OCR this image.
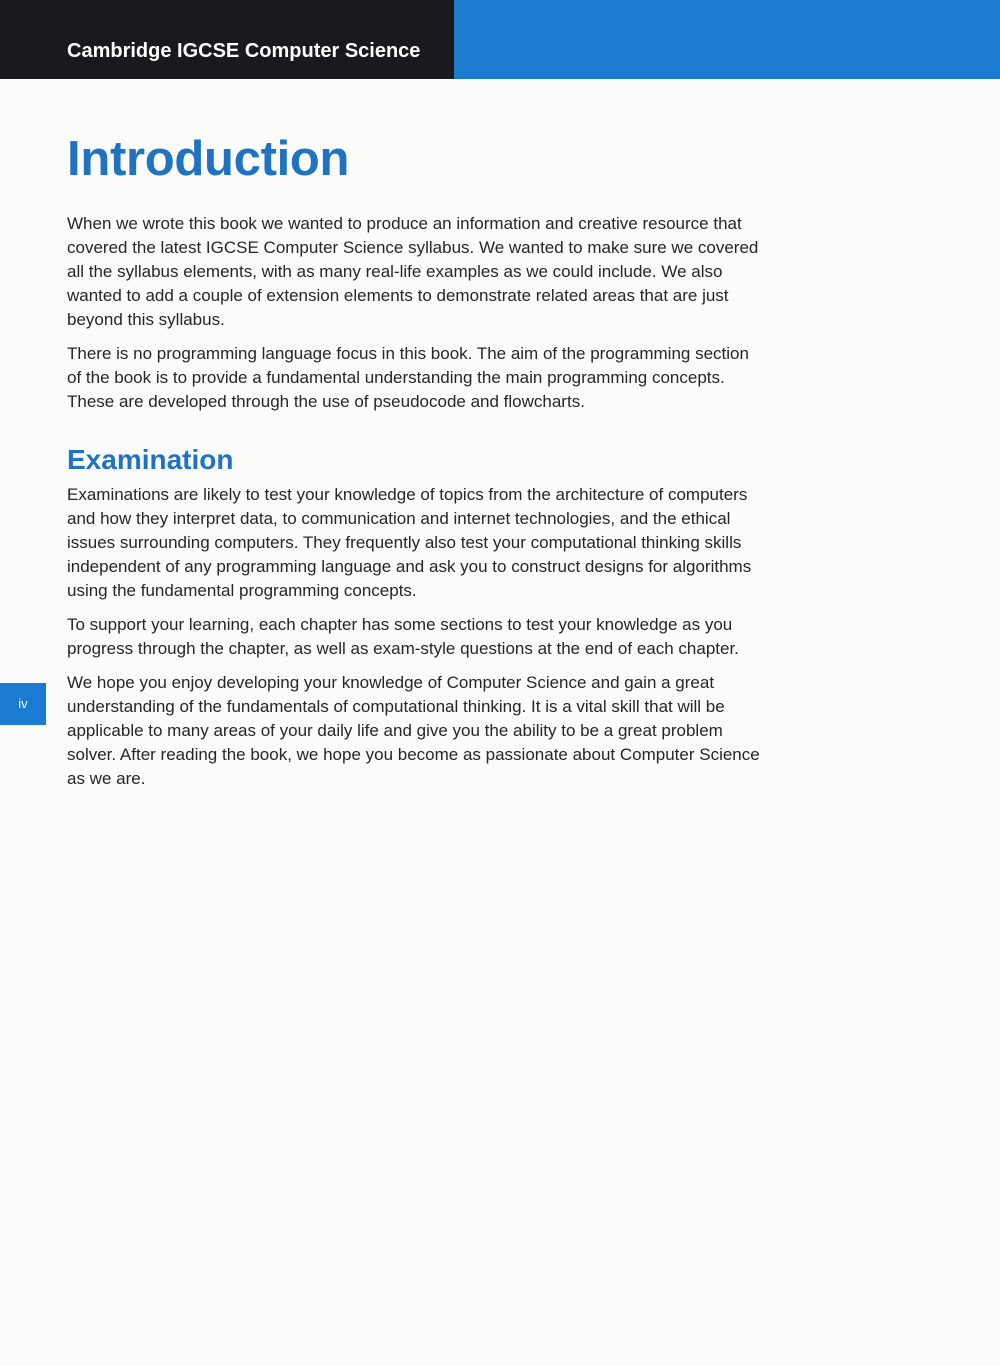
Cambridge IGCSE Computer Science
Introduction

When we wrote this book we wanted to produce an information and creative resource that covered the latest IGCSE Computer Science syllabus. We wanted to make sure we covered all the syllabus elements, with as many real-life examples as we could include. We also wanted to add a couple of extension elements to demonstrate related areas that are just beyond this syllabus.

There is no programming language focus in this book. The aim of the programming section of the book is to provide a fundamental understanding the main programming concepts. These are developed through the use of pseudocode and flowcharts.

Examination

Examinations are likely to test your knowledge of topics from the architecture of computers and how they interpret data, to communication and internet technologies, and the ethical issues surrounding computers. They frequently also test your computational thinking skills independent of any programming language and ask you to construct designs for algorithms using the fundamental programming concepts.

To support your learning, each chapter has some sections to test your knowledge as you progress through the chapter, as well as exam-style questions at the end of each chapter.

We hope you enjoy developing your knowledge of Computer Science and gain a great understanding of the fundamentals of computational thinking. It is a vital skill that will be applicable to many areas of your daily life and give you the ability to be a great problem solver. After reading the book, we hope you become as passionate about Computer Science as we are.

iv
